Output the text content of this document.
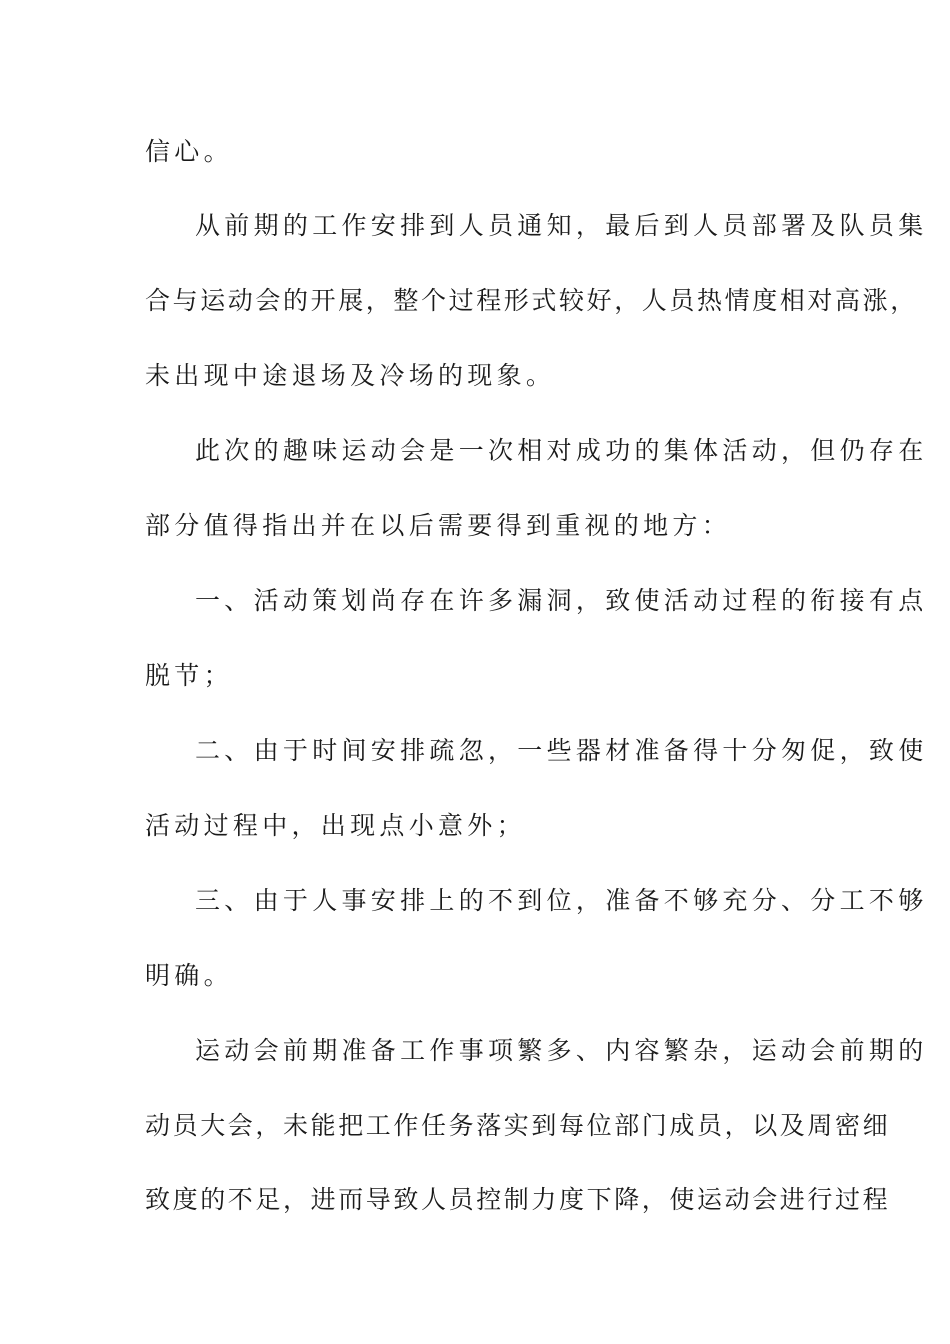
信心。
从前期的工作安排到人员通知，最后到人员部署及队员集
合与运动会的开展，整个过程形式较好，人员热情度相对高涨，
未出现中途退场及冷场的现象。
此次的趣味运动会是一次相对成功的集体活动，但仍存在
部分值得指出并在以后需要得到重视的地方：
一、活动策划尚存在许多漏洞，致使活动过程的衔接有点
脱节；
二、由于时间安排疏忽，一些器材准备得十分匆促，致使
活动过程中，出现点小意外；
三、由于人事安排上的不到位，准备不够充分、分工不够
明确。
运动会前期准备工作事项繁多、内容繁杂，运动会前期的
动员大会，未能把工作任务落实到每位部门成员，以及周密细
致度的不足，进而导致人员控制力度下降，使运动会进行过程
